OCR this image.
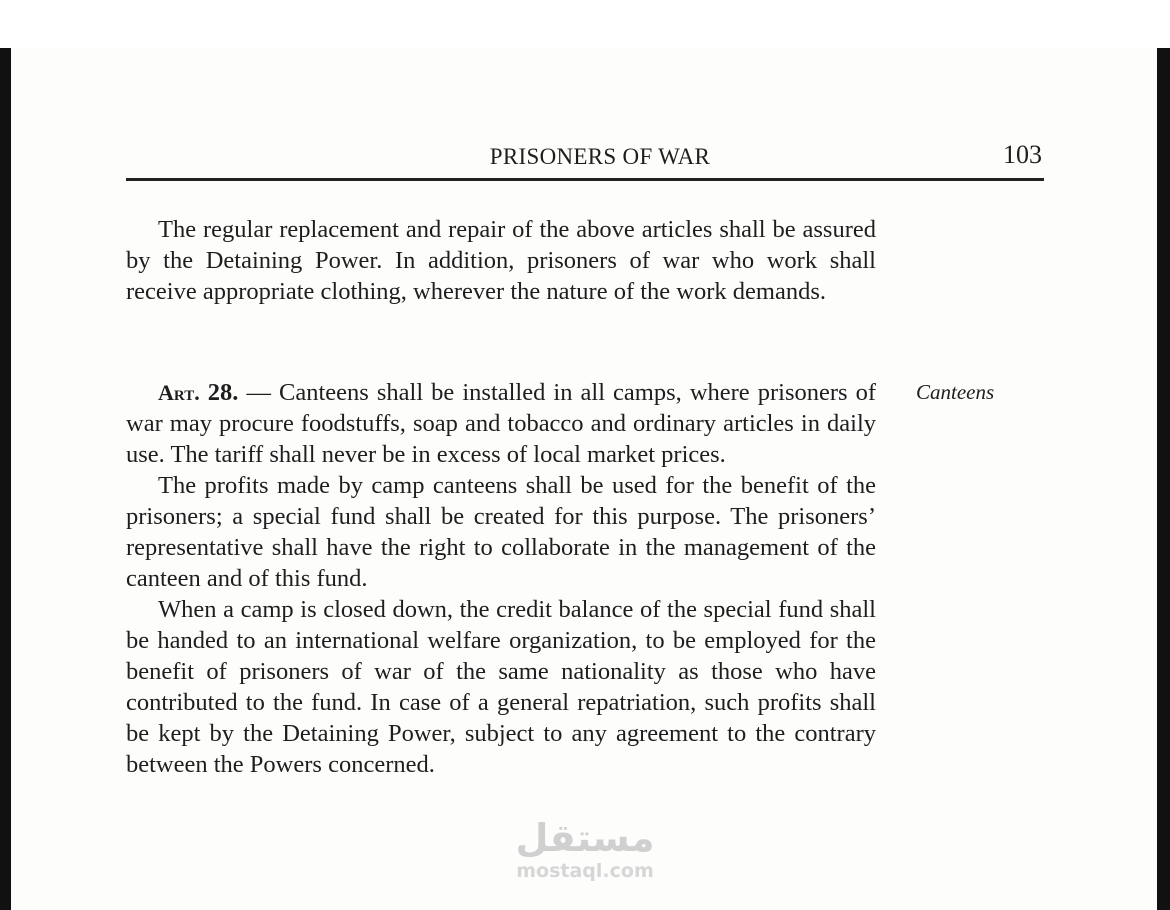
PRISONERS OF WAR	103

The regular replacement and repair of the above articles shall be assured by the Detaining Power. In addition, prisoners of war who work shall receive appropriate clothing, wherever the nature of the work demands.

Art. 28. — Canteens shall be installed in all camps, where prisoners of war may procure foodstuffs, soap and tobacco and ordinary articles in daily use. The tariff shall never be in excess of local market prices.

The profits made by camp canteens shall be used for the benefit of the prisoners; a special fund shall be created for this purpose. The prisoners’ representative shall have the right to collaborate in the management of the canteen and of this fund.

When a camp is closed down, the credit balance of the special fund shall be handed to an international welfare organization, to be employed for the benefit of prisoners of war of the same nationality as those who have contributed to the fund. In case of a general repatriation, such profits shall be kept by the Detaining Power, subject to any agreement to the contrary between the Powers concerned.

Canteens
مستقل
mostaql.com
